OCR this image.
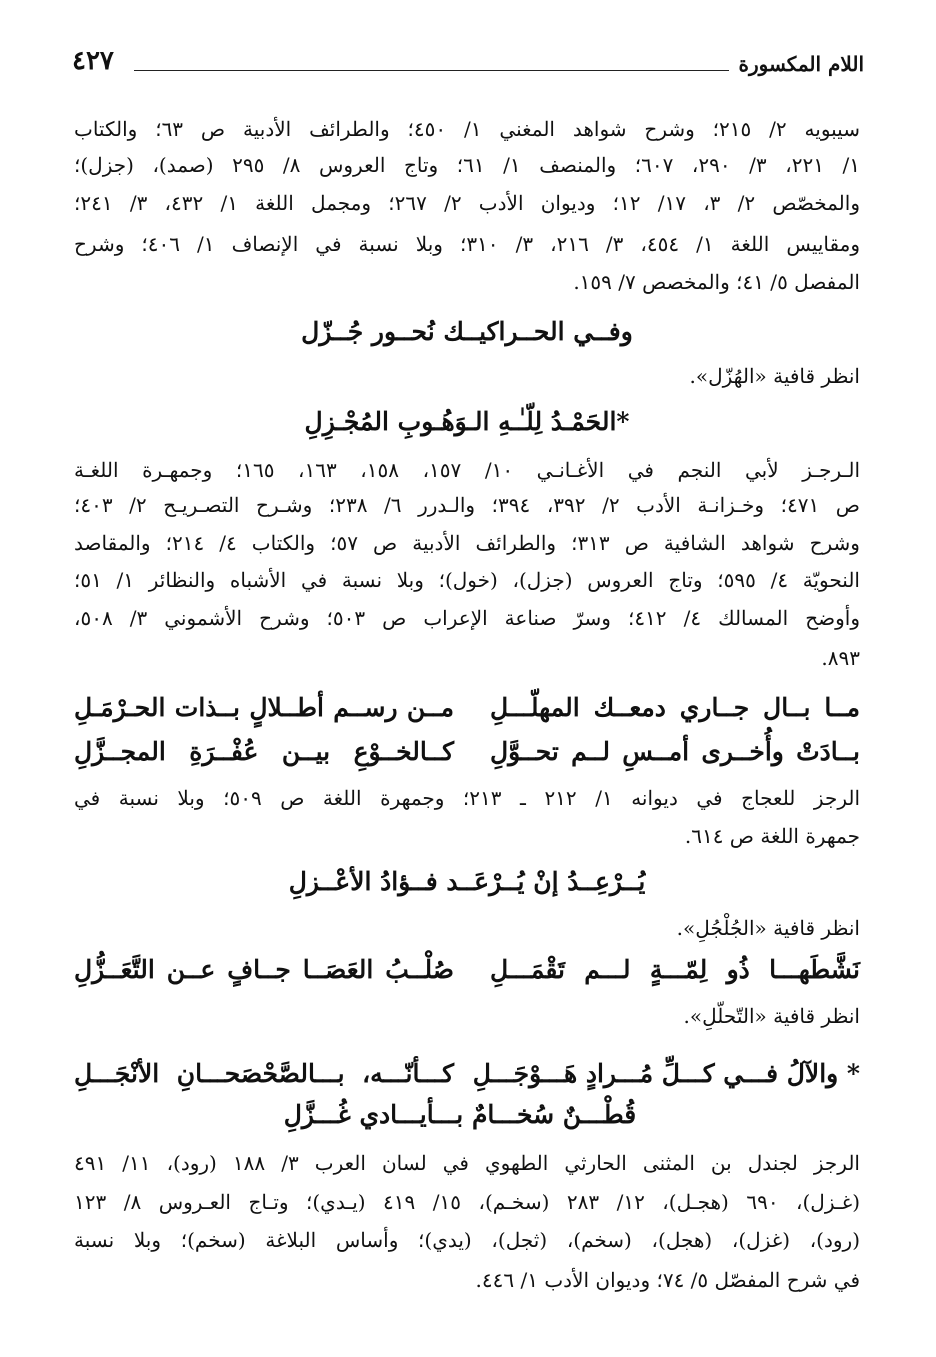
اللام المكسورة
٤٢٧
سيبويه ٢/ ٢١٥؛ وشرح شواهد المغني ١/ ٤٥٠؛ والطرائف الأدبية ص ٦٣؛ والكتاب
١/ ٢٢١، ٣/ ٢٩٠، ٦٠٧؛ والمنصف ١/ ٦١؛ وتاج العروس ٨/ ٢٩٥ (صمد)، (جزل)؛
والمخصّص ٢/ ٣، ١٧/ ١٢؛ وديوان الأدب ٢/ ٢٦٧؛ ومجمل اللغة ١/ ٤٣٢، ٣/ ٢٤١؛
ومقاييس اللغة ١/ ٤٥٤، ٣/ ٢١٦، ٣/ ٣١٠؛ وبلا نسبة في الإنصاف ١/ ٤٠٦؛ وشرح
المفصل ٥/ ٤١؛ والمخصص ٧/ ١٥٩.
وفــي الحــراكيــك نُحــور جُــزّل
انظر قافية «الهُزّل».
*الحَمْـدُ لِلّـٰـهِ الـوَهُـوبِ المُجْـزِلِ
الـرجـز لأبي النجم في الأغـانـي ١٠/ ١٥٧، ١٥٨، ١٦٣، ١٦٥؛ وجمهـرة اللغـة
ص ٤٧١؛ وخـزانـة الأدب ٢/ ٣٩٢، ٣٩٤؛ والـدرر ٦/ ٢٣٨؛ وشـرح التصـريـح ٢/ ٤٠٣؛
وشرح شواهد الشافية ص ٣١٣؛ والطرائف الأدبية ص ٥٧؛ والكتاب ٤/ ٢١٤؛ والمقاصد
النحويّة ٤/ ٥٩٥؛ وتاج العروس (جزل)، (خول)؛ وبلا نسبة في الأشباه والنظائر ١/ ٥١؛
وأوضح المسالك ٤/ ٤١٢؛ وسرّ صناعة الإعراب ص ٥٠٣؛ وشرح الأشموني ٣/ ٥٠٨،
٨٩٣.
مــا بــال جــاري دمعــك المهلّـــلِ
مــن رســم أطــلالٍ بــذات الحـرْمَـلِ
بــادَتْ وأُخــرى أمــسِ لــم تحــوَّلِ
كــالخــوْعِ بيــن عُفْــرَةِ المجــزَّلِ
الرجز للعجاج في ديوانه ١/ ٢١٢ ـ ٢١٣؛ وجمهرة اللغة ص ٥٠٩؛ وبلا نسبة في
جمهرة اللغة ص ٦١٤.
يُــرْعِــدُ إنْ يُــرْعَــد فــؤادُ الأعْــزلِ
انظر قافية «الجُلْجُلِ».
نَشَّطَهـــا ذُو لِمّـــةٍ لـــم تَقْمَـــلِ
صُلْــبُ العَصَــا جــافٍ عــن التَّعَــزُّلِ
انظر قافية «التّحلّلِ».
* والآلُ فـــي كـــلِّ مُـــرادٍ هَـــوْجَـــلِ
كـــأنّـــه، بـــالصَّحْصَحـــانِ الأنْجَـــلِ
قُطْـــنٌ سُخـــامٌ بـــأيـــادي غُـــزَّلِ
الرجز لجندل بن المثنى الحارثي الطهوي في لسان العرب ٣/ ١٨٨ (رود)، ١١/ ٤٩١
(غـزل)، ٦٩٠ (هجـل)، ١٢/ ٢٨٣ (سخـم)، ١٥/ ٤١٩ (يـدي)؛ وتـاج العـروس ٨/ ١٢٣
(رود)، (غزل)، (هجل)، (سخم)، (ثجل)، (يدي)؛ وأساس البلاغة (سخم)؛ وبلا نسبة
في شرح المفصّل ٥/ ٧٤؛ وديوان الأدب ١/ ٤٤٦.
